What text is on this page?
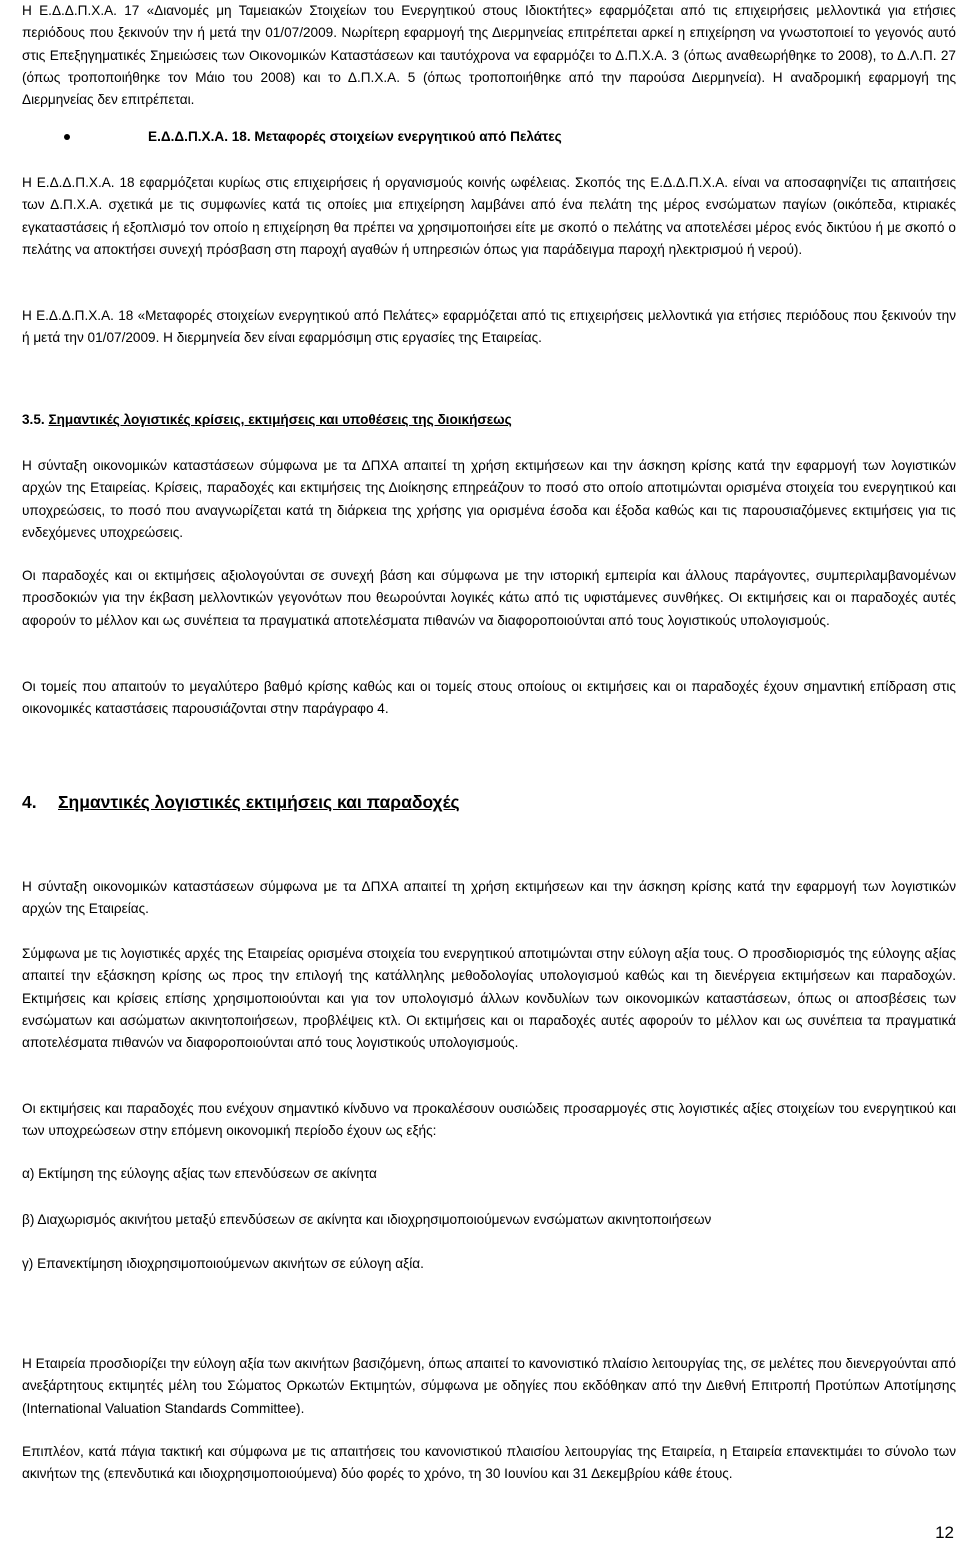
Η Ε.Δ.Δ.Π.Χ.Α. 17 «Διανομές μη Ταμειακών Στοιχείων του Ενεργητικού στους Ιδιοκτήτες» εφαρμόζεται από τις επιχειρήσεις μελλοντικά για ετήσιες περιόδους που ξεκινούν την ή μετά την 01/07/2009. Νωρίτερη εφαρμογή της Διερμηνείας επιτρέπεται αρκεί η επιχείρηση να γνωστοποιεί το γεγονός αυτό στις Επεξηγηματικές Σημειώσεις των Οικονομικών Καταστάσεων και ταυτόχρονα να εφαρμόζει το Δ.Π.Χ.Α. 3 (όπως αναθεωρήθηκε το 2008), το Δ.Λ.Π. 27 (όπως τροποποιήθηκε τον Μάιο του 2008) και το Δ.Π.Χ.Α. 5 (όπως τροποποιήθηκε από την παρούσα Διερμηνεία). Η αναδρομική εφαρμογή της Διερμηνείας δεν επιτρέπεται.

Ε.Δ.Δ.Π.Χ.Α. 18. Μεταφορές στοιχείων ενεργητικού από Πελάτες

Η Ε.Δ.Δ.Π.Χ.Α. 18 εφαρμόζεται κυρίως στις επιχειρήσεις ή οργανισμούς κοινής ωφέλειας. Σκοπός της Ε.Δ.Δ.Π.Χ.Α. είναι να αποσαφηνίζει τις απαιτήσεις των Δ.Π.Χ.Α. σχετικά με τις συμφωνίες κατά τις οποίες μια επιχείρηση λαμβάνει από ένα πελάτη της μέρος ενσώματων παγίων (οικόπεδα, κτιριακές εγκαταστάσεις ή εξοπλισμό τον οποίο η επιχείρηση θα πρέπει να χρησιμοποιήσει είτε με σκοπό ο πελάτης να αποτελέσει μέρος ενός δικτύου ή με σκοπό ο πελάτης να αποκτήσει συνεχή πρόσβαση στη παροχή αγαθών ή υπηρεσιών όπως για παράδειγμα παροχή ηλεκτρισμού ή νερού).

Η Ε.Δ.Δ.Π.Χ.Α. 18 «Μεταφορές στοιχείων ενεργητικού από Πελάτες» εφαρμόζεται από τις επιχειρήσεις μελλοντικά για ετήσιες περιόδους που ξεκινούν την ή μετά την 01/07/2009. Η διερμηνεία δεν είναι εφαρμόσιμη στις εργασίες της Εταιρείας.

3.5. Σημαντικές λογιστικές κρίσεις, εκτιμήσεις και υποθέσεις της διοικήσεως

Η σύνταξη οικονομικών καταστάσεων σύμφωνα με τα ΔΠΧΑ απαιτεί τη χρήση εκτιμήσεων και την άσκηση κρίσης κατά την εφαρμογή των λογιστικών αρχών της Εταιρείας. Κρίσεις, παραδοχές και εκτιμήσεις της Διοίκησης επηρεάζουν το ποσό στο οποίο αποτιμώνται ορισμένα στοιχεία του ενεργητικού και υποχρεώσεις, το ποσό που αναγνωρίζεται κατά τη διάρκεια της χρήσης για ορισμένα έσοδα και έξοδα καθώς και τις παρουσιαζόμενες εκτιμήσεις για τις ενδεχόμενες υποχρεώσεις.

Οι παραδοχές και οι εκτιμήσεις αξιολογούνται σε συνεχή βάση και σύμφωνα με την ιστορική εμπειρία και άλλους παράγοντες, συμπεριλαμβανομένων προσδοκιών για την έκβαση μελλοντικών γεγονότων που θεωρούνται λογικές κάτω από τις υφιστάμενες συνθήκες. Οι εκτιμήσεις και οι παραδοχές αυτές αφορούν το μέλλον και ως συνέπεια τα πραγματικά αποτελέσματα πιθανών να διαφοροποιούνται από τους λογιστικούς υπολογισμούς.

Οι τομείς που απαιτούν το μεγαλύτερο βαθμό κρίσης καθώς και οι τομείς στους οποίους οι εκτιμήσεις και οι παραδοχές έχουν σημαντική επίδραση στις οικονομικές καταστάσεις παρουσιάζονται στην παράγραφο 4.

4. Σημαντικές λογιστικές εκτιμήσεις και παραδοχές

Η σύνταξη οικονομικών καταστάσεων σύμφωνα με τα ΔΠΧΑ απαιτεί τη χρήση εκτιμήσεων και την άσκηση κρίσης κατά την εφαρμογή των λογιστικών αρχών της Εταιρείας.

Σύμφωνα με τις λογιστικές αρχές της Εταιρείας ορισμένα στοιχεία του ενεργητικού αποτιμώνται στην εύλογη αξία τους. Ο προσδιορισμός της εύλογης αξίας απαιτεί την εξάσκηση κρίσης ως προς την επιλογή της κατάλληλης μεθοδολογίας υπολογισμού καθώς και τη διενέργεια εκτιμήσεων και παραδοχών. Εκτιμήσεις και κρίσεις επίσης χρησιμοποιούνται και για τον υπολογισμό άλλων κονδυλίων των οικονομικών καταστάσεων, όπως οι αποσβέσεις των ενσώματων και ασώματων ακινητοποιήσεων, προβλέψεις κτλ. Οι εκτιμήσεις και οι παραδοχές αυτές αφορούν το μέλλον και ως συνέπεια τα πραγματικά αποτελέσματα πιθανών να διαφοροποιούνται από τους λογιστικούς υπολογισμούς.

Οι εκτιμήσεις και παραδοχές που ενέχουν σημαντικό κίνδυνο να προκαλέσουν ουσιώδεις προσαρμογές στις λογιστικές αξίες στοιχείων του ενεργητικού και των υποχρεώσεων στην επόμενη οικονομική περίοδο έχουν ως εξής:

α) Εκτίμηση της εύλογης αξίας των επενδύσεων σε ακίνητα
β) Διαχωρισμός ακινήτου μεταξύ επενδύσεων σε ακίνητα και ιδιοχρησιμοποιούμενων ενσώματων ακινητοποιήσεων
γ) Επανεκτίμηση ιδιοχρησιμοποιούμενων ακινήτων σε εύλογη αξία.

Η Εταιρεία προσδιορίζει την εύλογη αξία των ακινήτων βασιζόμενη, όπως απαιτεί το κανονιστικό πλαίσιο λειτουργίας της, σε μελέτες που διενεργούνται από ανεξάρτητους εκτιμητές μέλη του Σώματος Ορκωτών Εκτιμητών, σύμφωνα με οδηγίες που εκδόθηκαν από την Διεθνή Επιτροπή Προτύπων Αποτίμησης (International Valuation Standards Committee).

Επιπλέον, κατά πάγια τακτική και σύμφωνα με τις απαιτήσεις του κανονιστικού πλαισίου λειτουργίας της Εταιρεία, η Εταιρεία επανεκτιμάει το σύνολο των ακινήτων της (επενδυτικά και ιδιοχρησιμοποιούμενα) δύο φορές το χρόνο, τη 30 Ιουνίου και 31 Δεκεμβρίου κάθε έτους.

12
